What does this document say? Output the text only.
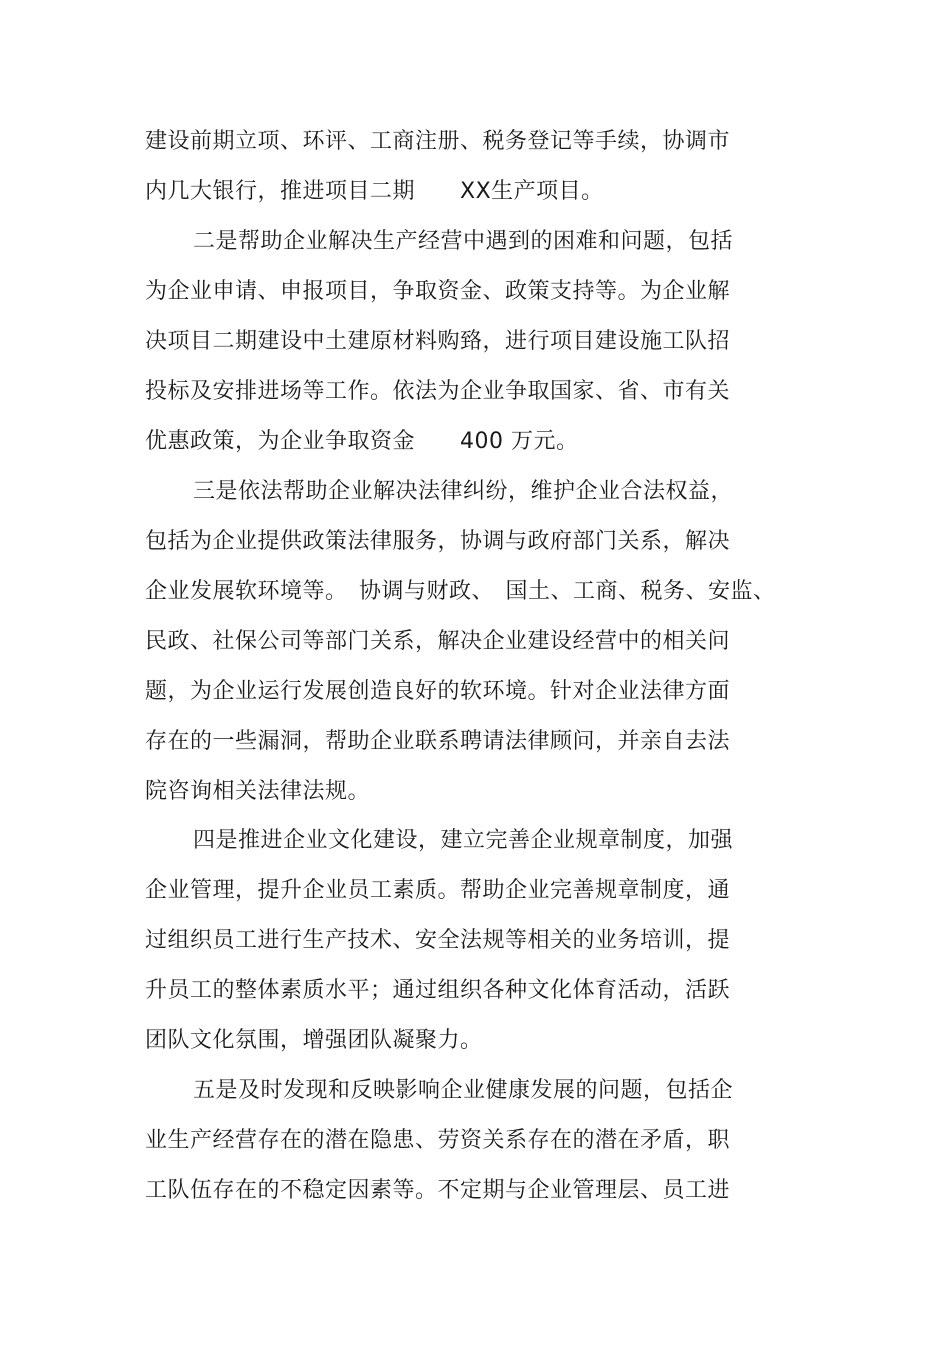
建设前期立项、环评、工商注册、税务登记等手续，协调市
内几大银行，推进项目二期　　XX生产项目。
二是帮助企业解决生产经营中遇到的困难和问题，包括
为企业申请、申报项目，争取资金、政策支持等。为企业解
决项目二期建设中土建原材料购臵，进行项目建设施工队招
投标及安排进场等工作。依法为企业争取国家、省、市有关
优惠政策，为企业争取资金　　400 万元。
三是依法帮助企业解决法律纠纷，维护企业合法权益，
包括为企业提供政策法律服务，协调与政府部门关系，解决
企业发展软环境等。　协调与财政、　国土、工商、税务、安监、
民政、社保公司等部门关系，解决企业建设经营中的相关问
题，为企业运行发展创造良好的软环境。针对企业法律方面
存在的一些漏洞，帮助企业联系聘请法律顾问，并亲自去法
院咨询相关法律法规。
四是推进企业文化建设，建立完善企业规章制度，加强
企业管理，提升企业员工素质。帮助企业完善规章制度，通
过组织员工进行生产技术、安全法规等相关的业务培训，提
升员工的整体素质水平；通过组织各种文化体育活动，活跃
团队文化氛围，增强团队凝聚力。
五是及时发现和反映影响企业健康发展的问题，包括企
业生产经营存在的潜在隐患、劳资关系存在的潜在矛盾，职
工队伍存在的不稳定因素等。不定期与企业管理层、员工进
